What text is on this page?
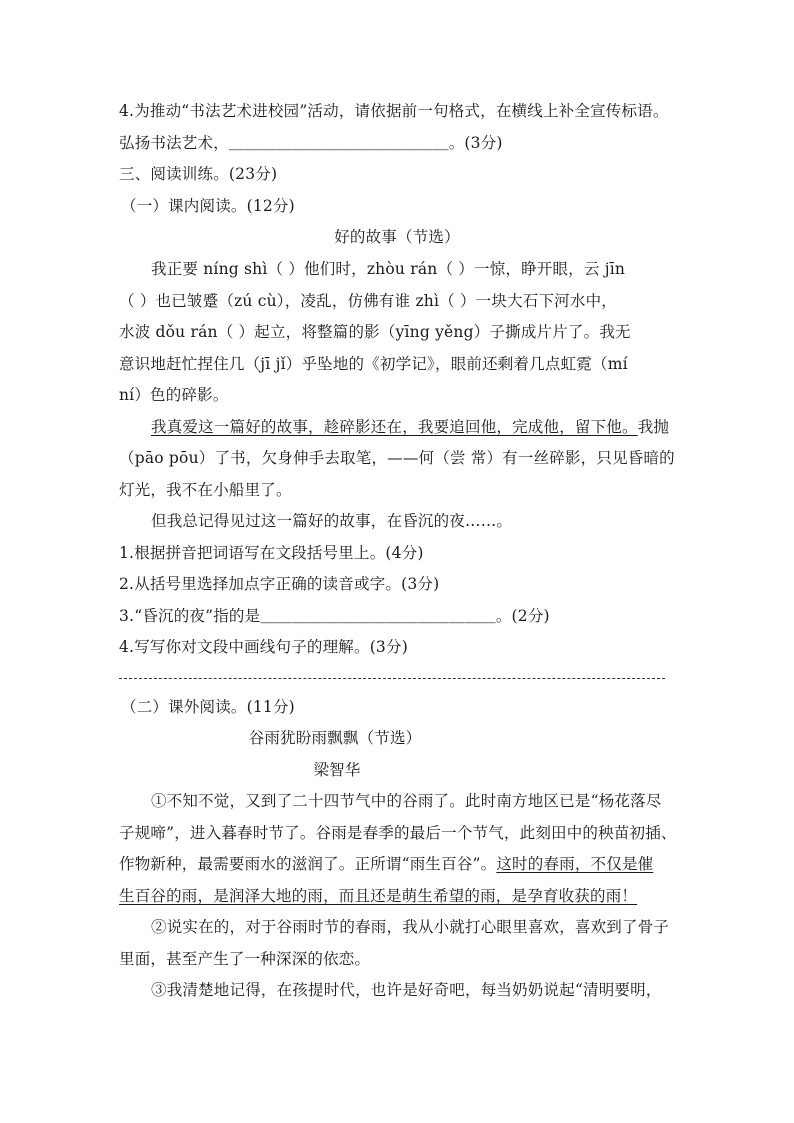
4.为推动“书法艺术进校园”活动，请依据前一句格式，在横线上补全宣传标语。
弘扬书法艺术，＿＿＿＿＿＿＿＿＿＿＿＿＿＿。(3分)
三、阅读训练。(23分)
（一）课内阅读。(12分)
好的故事（节选）
我正要 níng shì（ ）他们时，zhòu rán（ ）一惊，睁开眼，云 jīn
（ ）也已皱蹙（zú cù），凌乱，仿佛有谁 zhì（ ）一块大石下河水中，
水波 dǒu rán（ ）起立，将整篇的影（yīng yěng）子撕成片片了。我无
意识地赶忙捏住几（jī jǐ）乎坠地的《初学记》，眼前还剩着几点虹霓（mí
ní）色的碎影。
我真爱这一篇好的故事，趁碎影还在，我要追回他，完成他，留下他。我抛
（pāo pōu）了书，欠身伸手去取笔，——何（尝 常）有一丝碎影，只见昏暗的
灯光，我不在小船里了。
但我总记得见过这一篇好的故事，在昏沉的夜……。
1.根据拼音把词语写在文段括号里上。(4分)
2.从括号里选择加点字正确的读音或字。(3分)
3.“昏沉的夜”指的是＿＿＿＿＿＿＿＿＿＿＿＿＿＿＿。(2分)
4.写写你对文段中画线句子的理解。(3分)
（二）课外阅读。(11分)
谷雨犹盼雨飘飘（节选）
梁智华
①不知不觉，又到了二十四节气中的谷雨了。此时南方地区已是“杨花落尽
子规啼”，进入暮春时节了。谷雨是春季的最后一个节气，此刻田中的秧苗初插、
作物新种，最需要雨水的滋润了。正所谓“雨生百谷”。这时的春雨，不仅是催
生百谷的雨，是润泽大地的雨，而且还是萌生希望的雨，是孕育收获的雨！
②说实在的，对于谷雨时节的春雨，我从小就打心眼里喜欢，喜欢到了骨子
里面，甚至产生了一种深深的依恋。
③我清楚地记得，在孩提时代，也许是好奇吧，每当奶奶说起“清明要明，
